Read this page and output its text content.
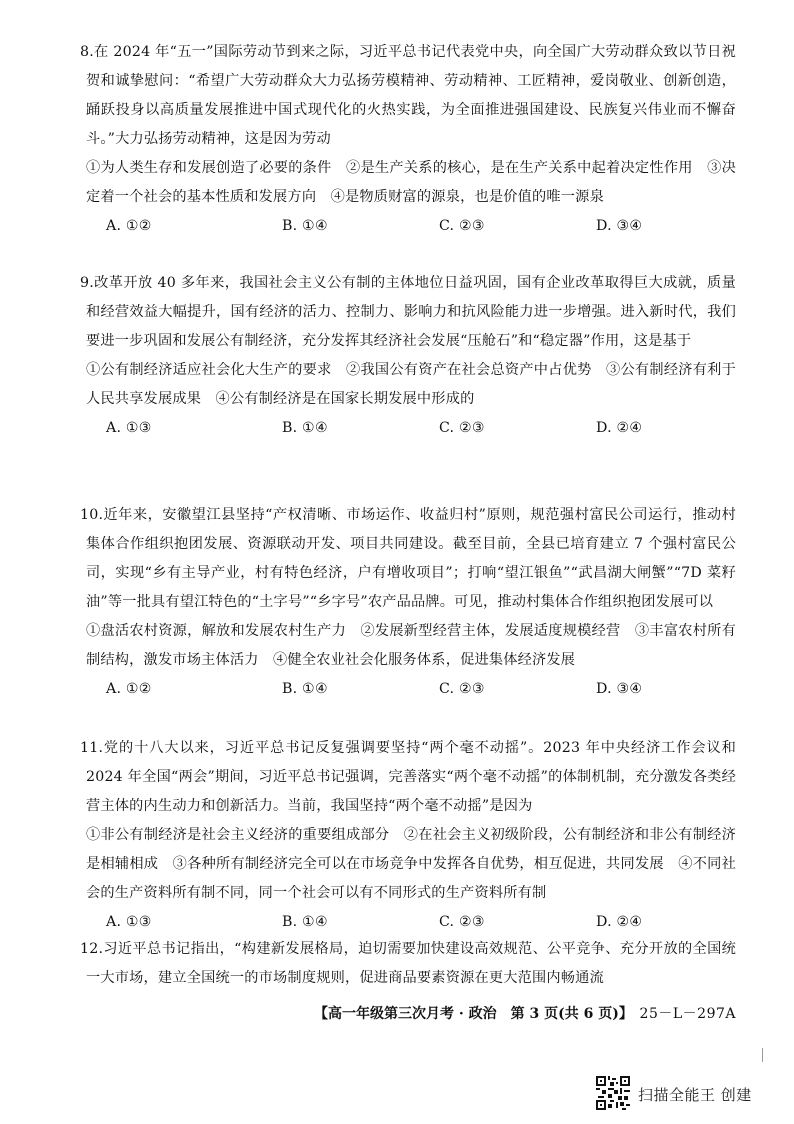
8.在 2024 年“五一”国际劳动节到来之际，习近平总书记代表党中央，向全国广大劳动群众致以节日祝贺和诚挚慰问：“希望广大劳动群众大力弘扬劳模精神、劳动精神、工匠精神，爱岗敬业、创新创造，踊跃投身以高质量发展推进中国式现代化的火热实践，为全面推进强国建设、民族复兴伟业而不懈奋斗。”大力弘扬劳动精神，这是因为劳动

①为人类生存和发展创造了必要的条件　②是生产关系的核心，是在生产关系中起着决定性作用　③决定着一个社会的基本性质和发展方向　④是物质财富的源泉，也是价值的唯一源泉

A. ①②	B. ①④	C. ②③	D. ③④

9.改革开放 40 多年来，我国社会主义公有制的主体地位日益巩固，国有企业改革取得巨大成就，质量和经营效益大幅提升，国有经济的活力、控制力、影响力和抗风险能力进一步增强。进入新时代，我们要进一步巩固和发展公有制经济，充分发挥其经济社会发展“压舱石”和“稳定器”作用，这是基于

①公有制经济适应社会化大生产的要求　②我国公有资产在社会总资产中占优势　③公有制经济有利于人民共享发展成果　④公有制经济是在国家长期发展中形成的

A. ①③	B. ①④	C. ②③	D. ②④

10.近年来，安徽望江县坚持“产权清晰、市场运作、收益归村”原则，规范强村富民公司运行，推动村集体合作组织抱团发展、资源联动开发、项目共同建设。截至目前，全县已培育建立 7 个强村富民公司，实现“乡有主导产业，村有特色经济，户有增收项目”；打响“望江银鱼”“武昌湖大闸蟹”“7D 菜籽油”等一批具有望江特色的“土字号”“乡字号”农产品品牌。可见，推动村集体合作组织抱团发展可以

①盘活农村资源，解放和发展农村生产力　②发展新型经营主体，发展适度规模经营　③丰富农村所有制结构，激发市场主体活力　④健全农业社会化服务体系，促进集体经济发展

A. ①②	B. ①④	C. ②③	D. ③④

11.党的十八大以来，习近平总书记反复强调要坚持“两个毫不动摇”。2023 年中央经济工作会议和 2024 年全国“两会”期间，习近平总书记强调，完善落实“两个毫不动摇”的体制机制，充分激发各类经营主体的内生动力和创新活力。当前，我国坚持“两个毫不动摇”是因为

①非公有制经济是社会主义经济的重要组成部分　②在社会主义初级阶段，公有制经济和非公有制经济是相辅相成　③各种所有制经济完全可以在市场竞争中发挥各自优势，相互促进，共同发展　④不同社会的生产资料所有制不同，同一个社会可以有不同形式的生产资料所有制

A. ①③	B. ①④	C. ②③	D. ②④

12.习近平总书记指出，“构建新发展格局，迫切需要加快建设高效规范、公平竞争、充分开放的全国统一大市场，建立全国统一的市场制度规则，促进商品要素资源在更大范围内畅通流

【高一年级第三次月考 · 政治　第 3 页(共 6 页)】 25－L－297A
扫描全能王 创建
